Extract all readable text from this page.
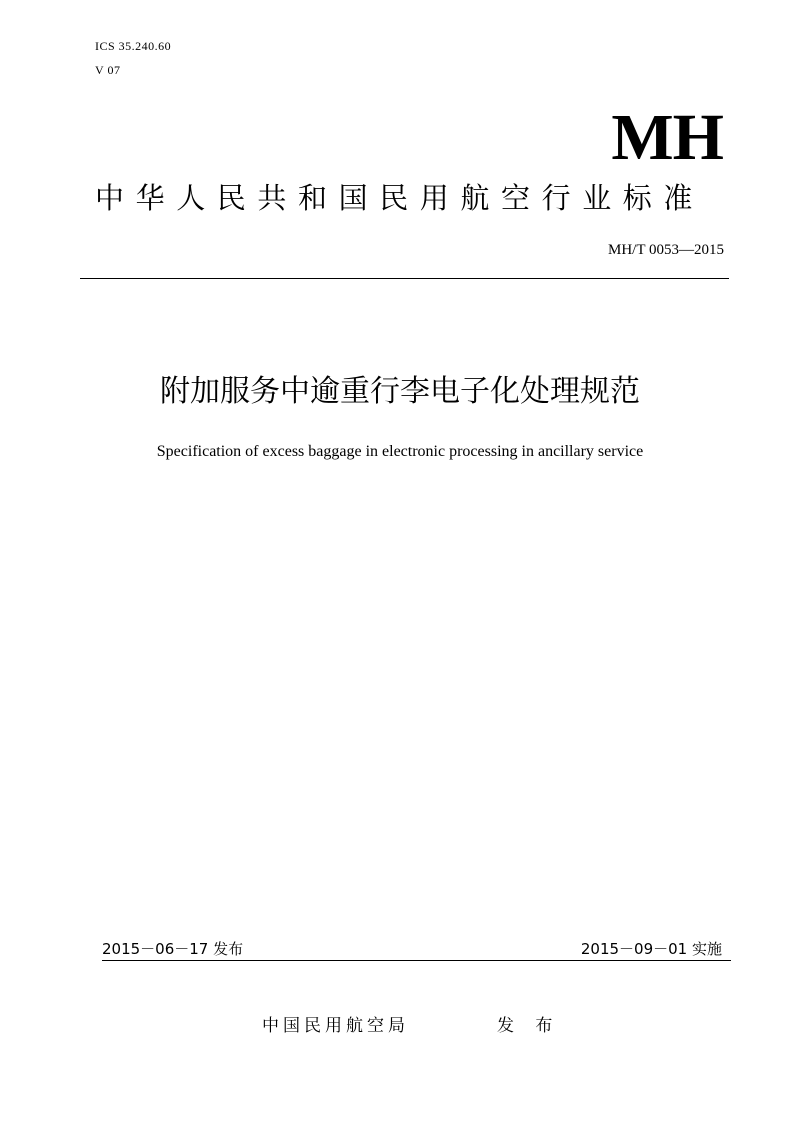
ICS 35.240.60
V 07
MH
中华人民共和国民用航空行业标准
MH/T 0053—2015
附加服务中逾重行李电子化处理规范
Specification of excess baggage in electronic processing in ancillary service
2015－06－17 发布	2015－09－01 实施
中国民用航空局	发 布
